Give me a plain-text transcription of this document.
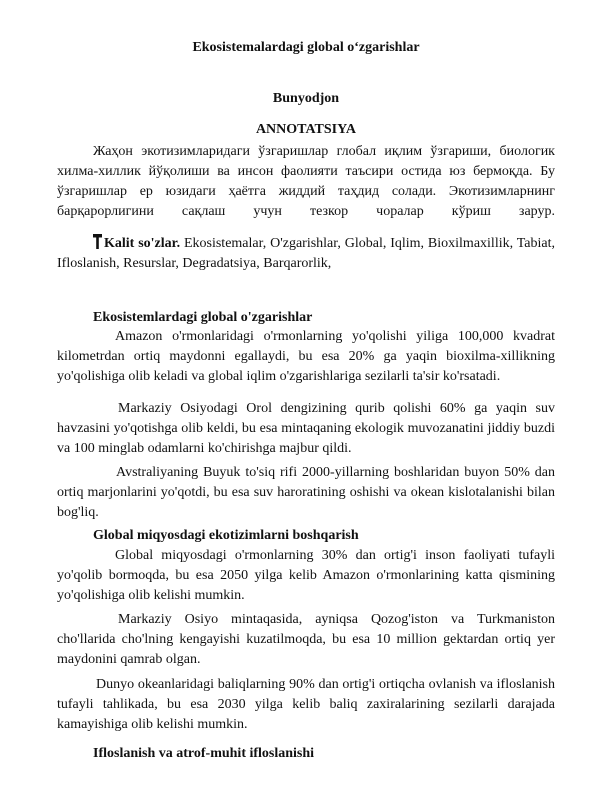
Ekosistemalardagi global oʻzgarishlar
Bunyodjon
ANNOTATSIYA
Жаҳон экотизимларидаги ўзгаришлар глобал иқлим ўзгариши, биологик хилма-хиллик йўқолиши ва инсон фаолияти таъсири остида юз бермоқда. Бу ўзгаришлар ер юзидаги ҳаётга жиддий таҳдид солади. Экотизимларнинг барқарорлигини сақлаш учун тезкор чоралар кўриш зарур.
Kalit so'zlar. Ekosistemalar, O'zgarishlar, Global, Iqlim, Bioxilmaxillik, Tabiat, Ifloslanish, Resurslar, Degradatsiya, Barqarorlik,
Ekosistemlardagi global o'zgarishlar
Amazon o'rmonlaridagi o'rmonlarning yo'qolishi yiliga 100,000 kvadrat kilometrdan ortiq maydonni egallaydi, bu esa 20% ga yaqin bioxilma-xillikning yo'qolishiga olib keladi va global iqlim o'zgarishlariga sezilarli ta'sir ko'rsatadi.
Markaziy Osiyodagi Orol dengizining qurib qolishi 60% ga yaqin suv havzasini yo'qotishga olib keldi, bu esa mintaqaning ekologik muvozanatini jiddiy buzdi va 100 minglab odamlarni ko'chirishga majbur qildi.
Avstraliyaning Buyuk to'siq rifi 2000-yillarning boshlaridan buyon 50% dan ortiq marjonlarini yo'qotdi, bu esa suv haroratining oshishi va okean kislotalanishi bilan bog'liq.
Global miqyosdagi ekotizimlarni boshqarish
Global miqyosdagi o'rmonlarning 30% dan ortig'i inson faoliyati tufayli yo'qolib bormoqda, bu esa 2050 yilga kelib Amazon o'rmonlarining katta qismining yo'qolishiga olib kelishi mumkin.
Markaziy Osiyo mintaqasida, ayniqsa Qozog'iston va Turkmaniston cho'llarida cho'lning kengayishi kuzatilmoqda, bu esa 10 million gektardan ortiq yer maydonini qamrab olgan.
Dunyo okeanlaridagi baliqlarning 90% dan ortig'i ortiqcha ovlanish va ifloslanish tufayli tahlikada, bu esa 2030 yilga kelib baliq zaxiralarining sezilarli darajada kamayishiga olib kelishi mumkin.
Ifloslanish va atrof-muhit ifloslanishi
